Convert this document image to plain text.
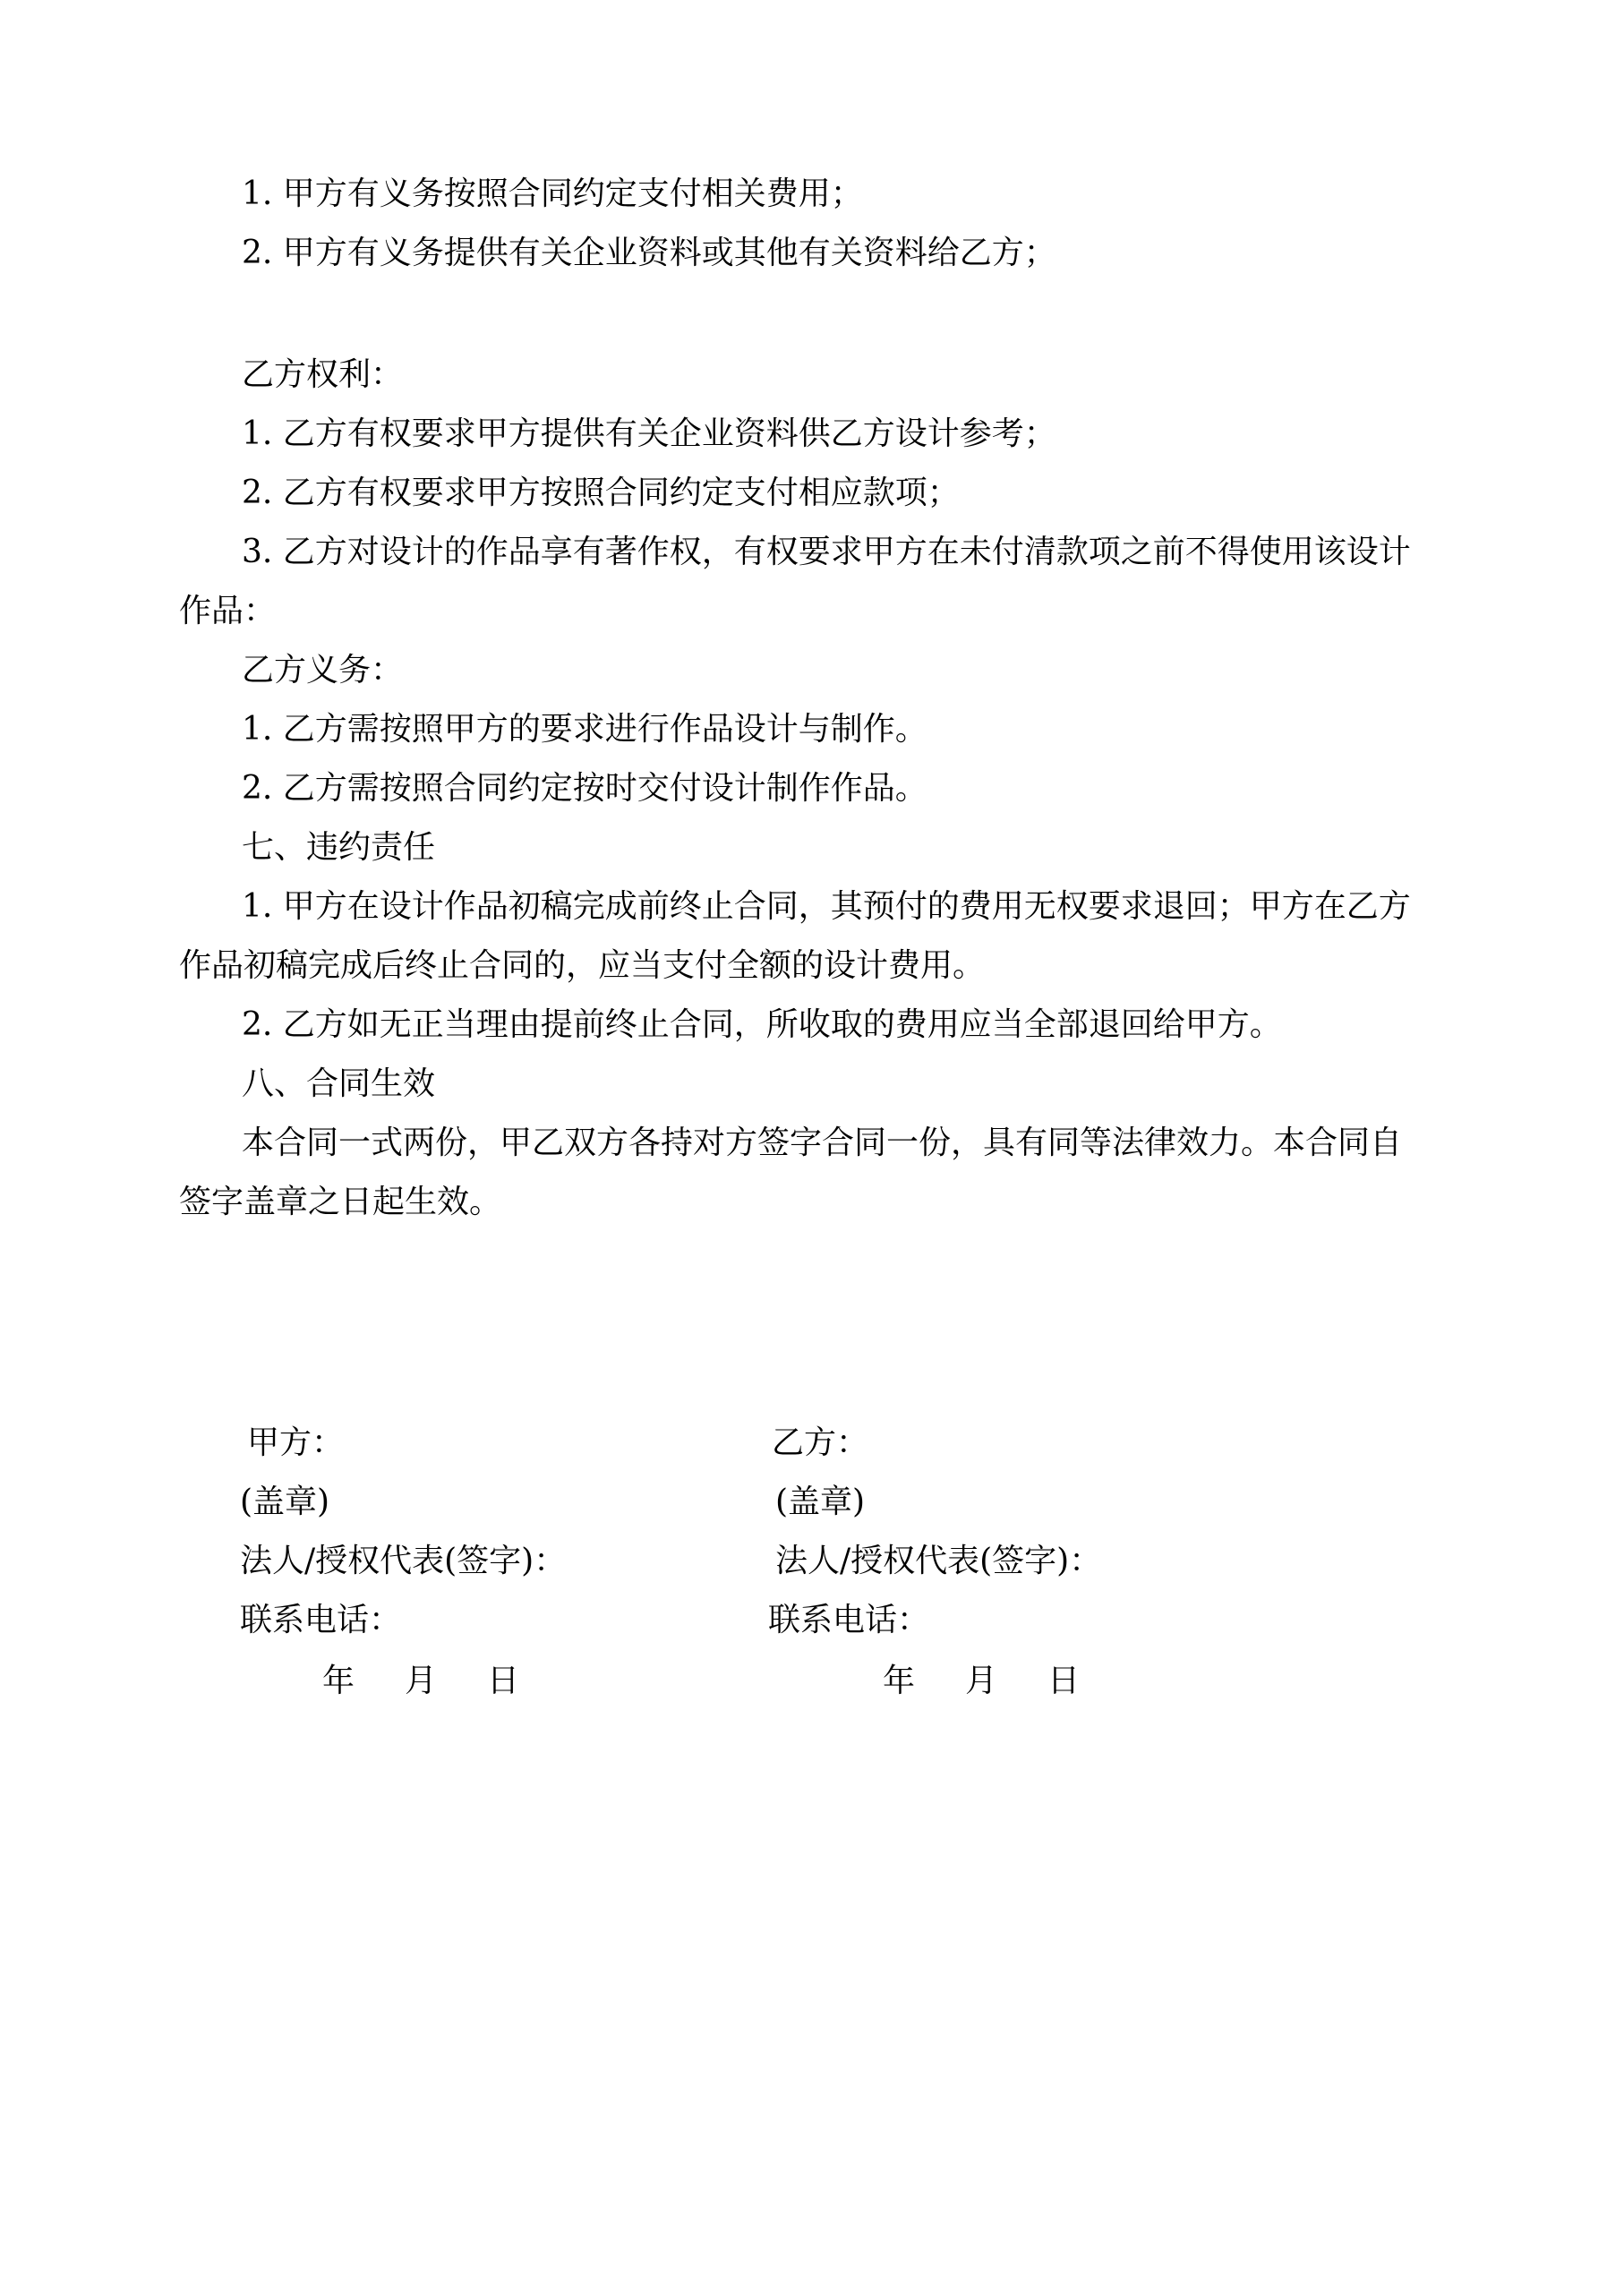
1. 甲方有义务按照合同约定支付相关费用；
2. 甲方有义务提供有关企业资料或其他有关资料给乙方；
乙方权利：
1. 乙方有权要求甲方提供有关企业资料供乙方设计参考；
2. 乙方有权要求甲方按照合同约定支付相应款项；
3. 乙方对设计的作品享有著作权，有权要求甲方在未付清款项之前不得使用该设计
作品：
乙方义务：
1. 乙方需按照甲方的要求进行作品设计与制作。
2. 乙方需按照合同约定按时交付设计制作作品。
七、违约责任
1. 甲方在设计作品初稿完成前终止合同，其预付的费用无权要求退回；甲方在乙方
作品初稿完成后终止合同的，应当支付全额的设计费用。
2. 乙方如无正当理由提前终止合同，所收取的费用应当全部退回给甲方。
八、合同生效
本合同一式两份，甲乙双方各持对方签字合同一份，具有同等法律效力。本合同自
签字盖章之日起生效。
甲方：
(盖章)
法人/授权代表(签字)：
联系电话：
年 月 日
乙方：
(盖章)
法人/授权代表(签字)：
联系电话：
年 月 日
